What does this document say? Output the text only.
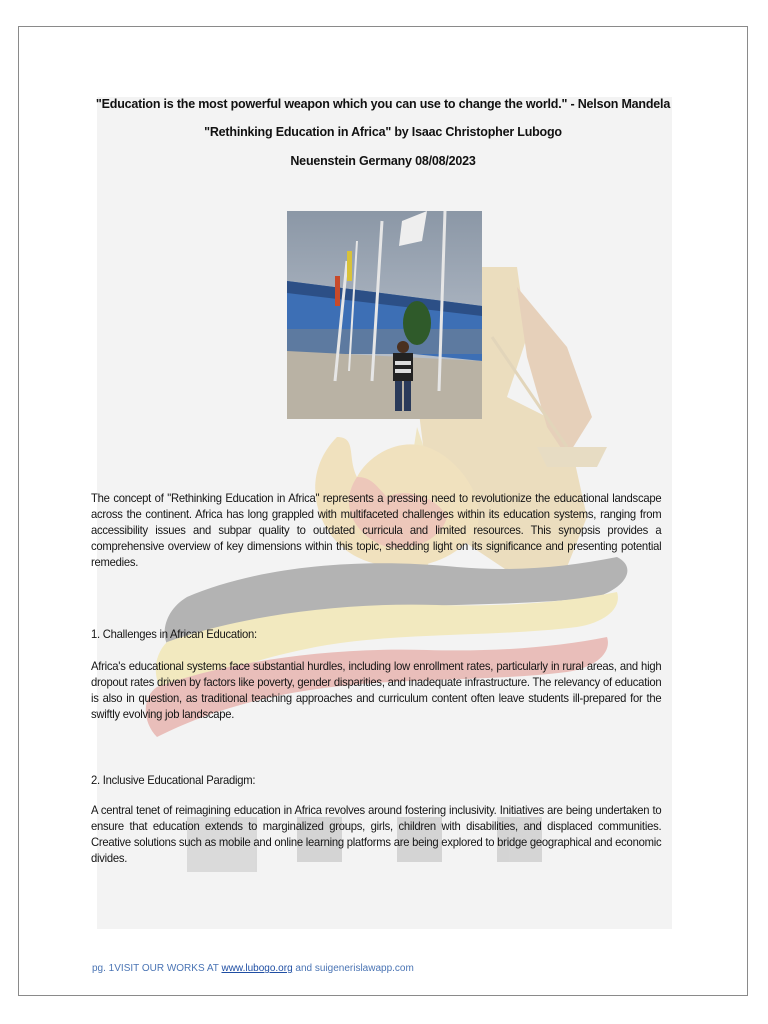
"Education is the most powerful weapon which you can use to change the world." - Nelson Mandela
"Rethinking Education in Africa" by Isaac Christopher Lubogo
Neuenstein Germany 08/08/2023

The concept of "Rethinking Education in Africa" represents a pressing need to revolutionize the educational landscape across the continent. Africa has long grappled with multifaceted challenges within its education systems, ranging from accessibility issues and subpar quality to outdated curricula and limited resources. This synopsis provides a comprehensive overview of key dimensions within this topic, shedding light on its significance and presenting potential remedies.

1. Challenges in African Education:

Africa's educational systems face substantial hurdles, including low enrollment rates, particularly in rural areas, and high dropout rates driven by factors like poverty, gender disparities, and inadequate infrastructure. The relevancy of education is also in question, as traditional teaching approaches and curriculum content often leave students ill-prepared for the swiftly evolving job landscape.

2. Inclusive Educational Paradigm:

A central tenet of reimagining education in Africa revolves around fostering inclusivity. Initiatives are being undertaken to ensure that education extends to marginalized groups, girls, children with disabilities, and displaced communities. Creative solutions such as mobile and online learning platforms are being explored to bridge geographical and economic divides.

pg. 1VISIT OUR WORKS AT www.lubogo.org and suigenerislawapp.com
